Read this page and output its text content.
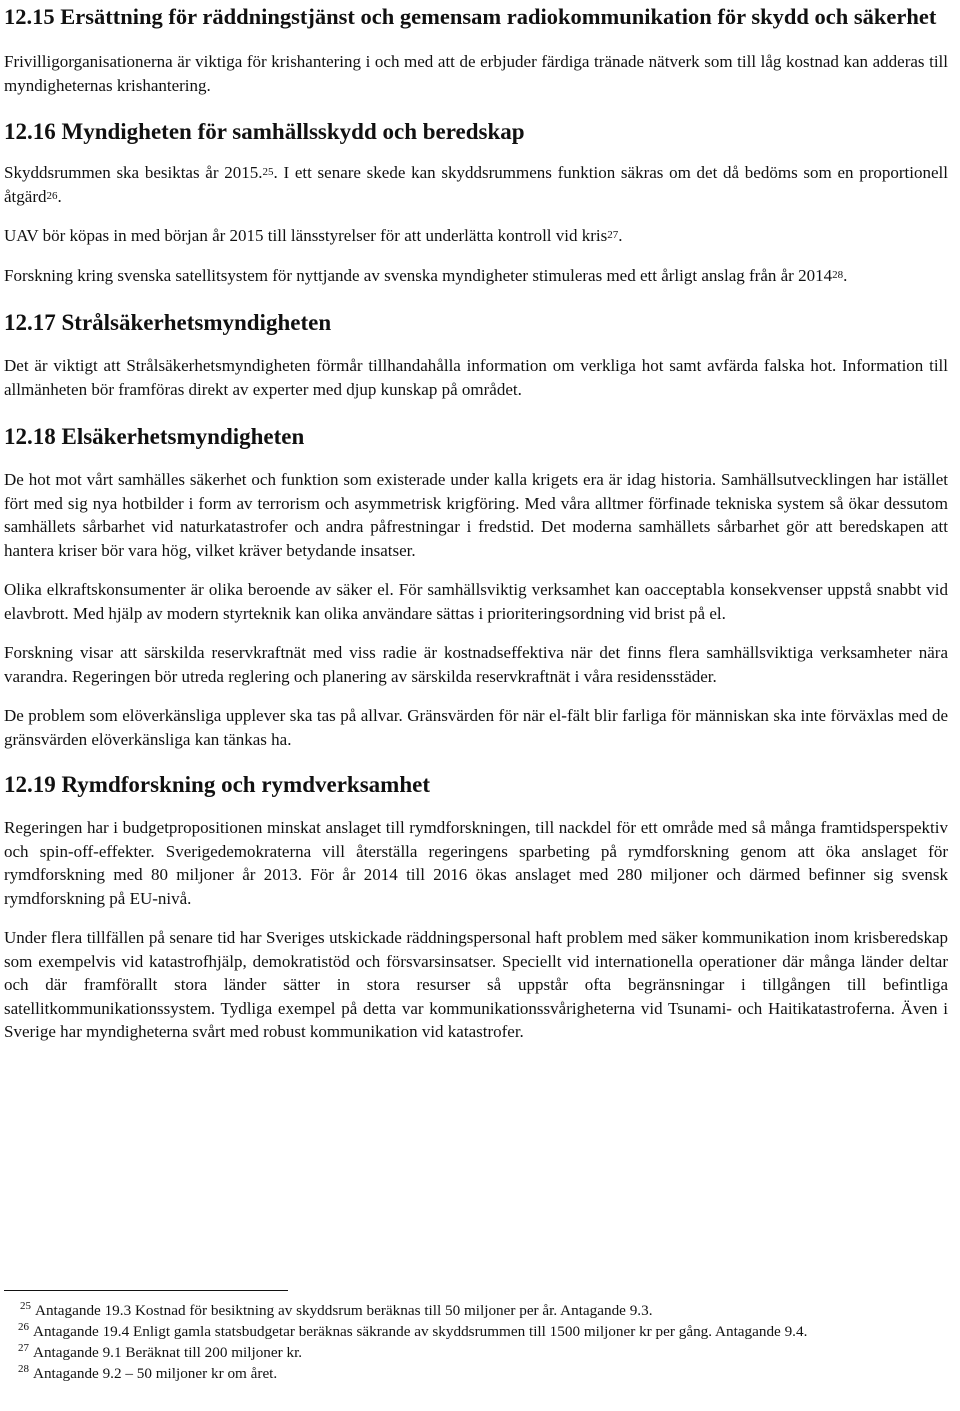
12.15 Ersättning för räddningstjänst och gemensam radiokommunikation för skydd och säkerhet

Frivilligorganisationerna är viktiga för krishantering i och med att de erbjuder färdiga tränade nätverk som till låg kostnad kan adderas till myndigheternas krishantering.

12.16 Myndigheten för samhällsskydd och beredskap

Skyddsrummen ska besiktas år 2015.25. I ett senare skede kan skyddsrummens funktion säkras om det då bedöms som en proportionell åtgärd$^{26}$.

UAV bör köpas in med början år 2015 till länsstyrelser för att underlätta kontroll vid kris$^{27}$.

Forskning kring svenska satellitsystem för nyttjande av svenska myndigheter stimuleras med ett årligt anslag från år 2014$^{28}$.

12.17 Strålsäkerhetsmyndigheten

Det är viktigt att Strålsäkerhetsmyndigheten förmår tillhandahålla information om verkliga hot samt avfärda falska hot. Information till allmänheten bör framföras direkt av experter med djup kunskap på området.

12.18 Elsäkerhetsmyndigheten

De hot mot vårt samhälles säkerhet och funktion som existerade under kalla krigets era är idag historia. Samhällsutvecklingen har istället fört med sig nya hotbilder i form av terrorism och asymmetrisk krigföring. Med våra alltmer förfinade tekniska system så ökar dessutom samhällets sårbarhet vid naturkatastrofer och andra påfrestningar i fredstid. Det moderna samhällets sårbarhet gör att beredskapen att hantera kriser bör vara hög, vilket kräver betydande insatser.

Olika elkraftskonsumenter är olika beroende av säker el. För samhällsviktig verksamhet kan oacceptabla konsekvenser uppstå snabbt vid elavbrott. Med hjälp av modern styrteknik kan olika användare sättas i prioriteringsordning vid brist på el.

Forskning visar att särskilda reservkraftnät med viss radie är kostnadseffektiva när det finns flera samhällsviktiga verksamheter nära varandra. Regeringen bör utreda reglering och planering av särskilda reservkraftnät i våra residensstäder.

De problem som elöverkänsliga upplever ska tas på allvar. Gränsvärden för när el-fält blir farliga för människan ska inte förväxlas med de gränsvärden elöverkänsliga kan tänkas ha.

12.19 Rymdforskning och rymdverksamhet

Regeringen har i budgetpropositionen minskat anslaget till rymdforskningen, till nackdel för ett område med så många framtidsperspektiv och spin-off-effekter. Sverigedemokraterna vill återställa regeringens sparbeting på rymdforskning genom att öka anslaget för rymdforskning med 80 miljoner år 2013. För år 2014 till 2016 ökas anslaget med 280 miljoner och därmed befinner sig svensk rymdforskning på EU-nivå.

Under flera tillfällen på senare tid har Sveriges utskickade räddningspersonal haft problem med säker kommunikation inom krisberedskap som exempelvis vid katastrofhjälp, demokratistöd och försvarsinsatser. Speciellt vid internationella operationer där många länder deltar och där framförallt stora länder sätter in stora resurser så uppstår ofta begränsningar i tillgången till befintliga satellitkommunikationssystem. Tydliga exempel på detta var kommunikationssvårigheterna vid Tsunami- och Haitikatastroferna. Även i Sverige har myndigheterna svårt med robust kommunikation vid katastrofer.

$^{25}$ Antagande 19.3 Kostnad för besiktning av skyddsrum beräknas till 50 miljoner per år. Antagande 9.3.

$^{26}$ Antagande 19.4 Enligt gamla statsbudgetar beräknas säkrande av skyddsrummen till 1500 miljoner kr per gång. Antagande 9.4.

$^{27}$ Antagande 9.1 Beräknat till 200 miljoner kr.

$^{28}$ Antagande 9.2 – 50 miljoner kr om året.
